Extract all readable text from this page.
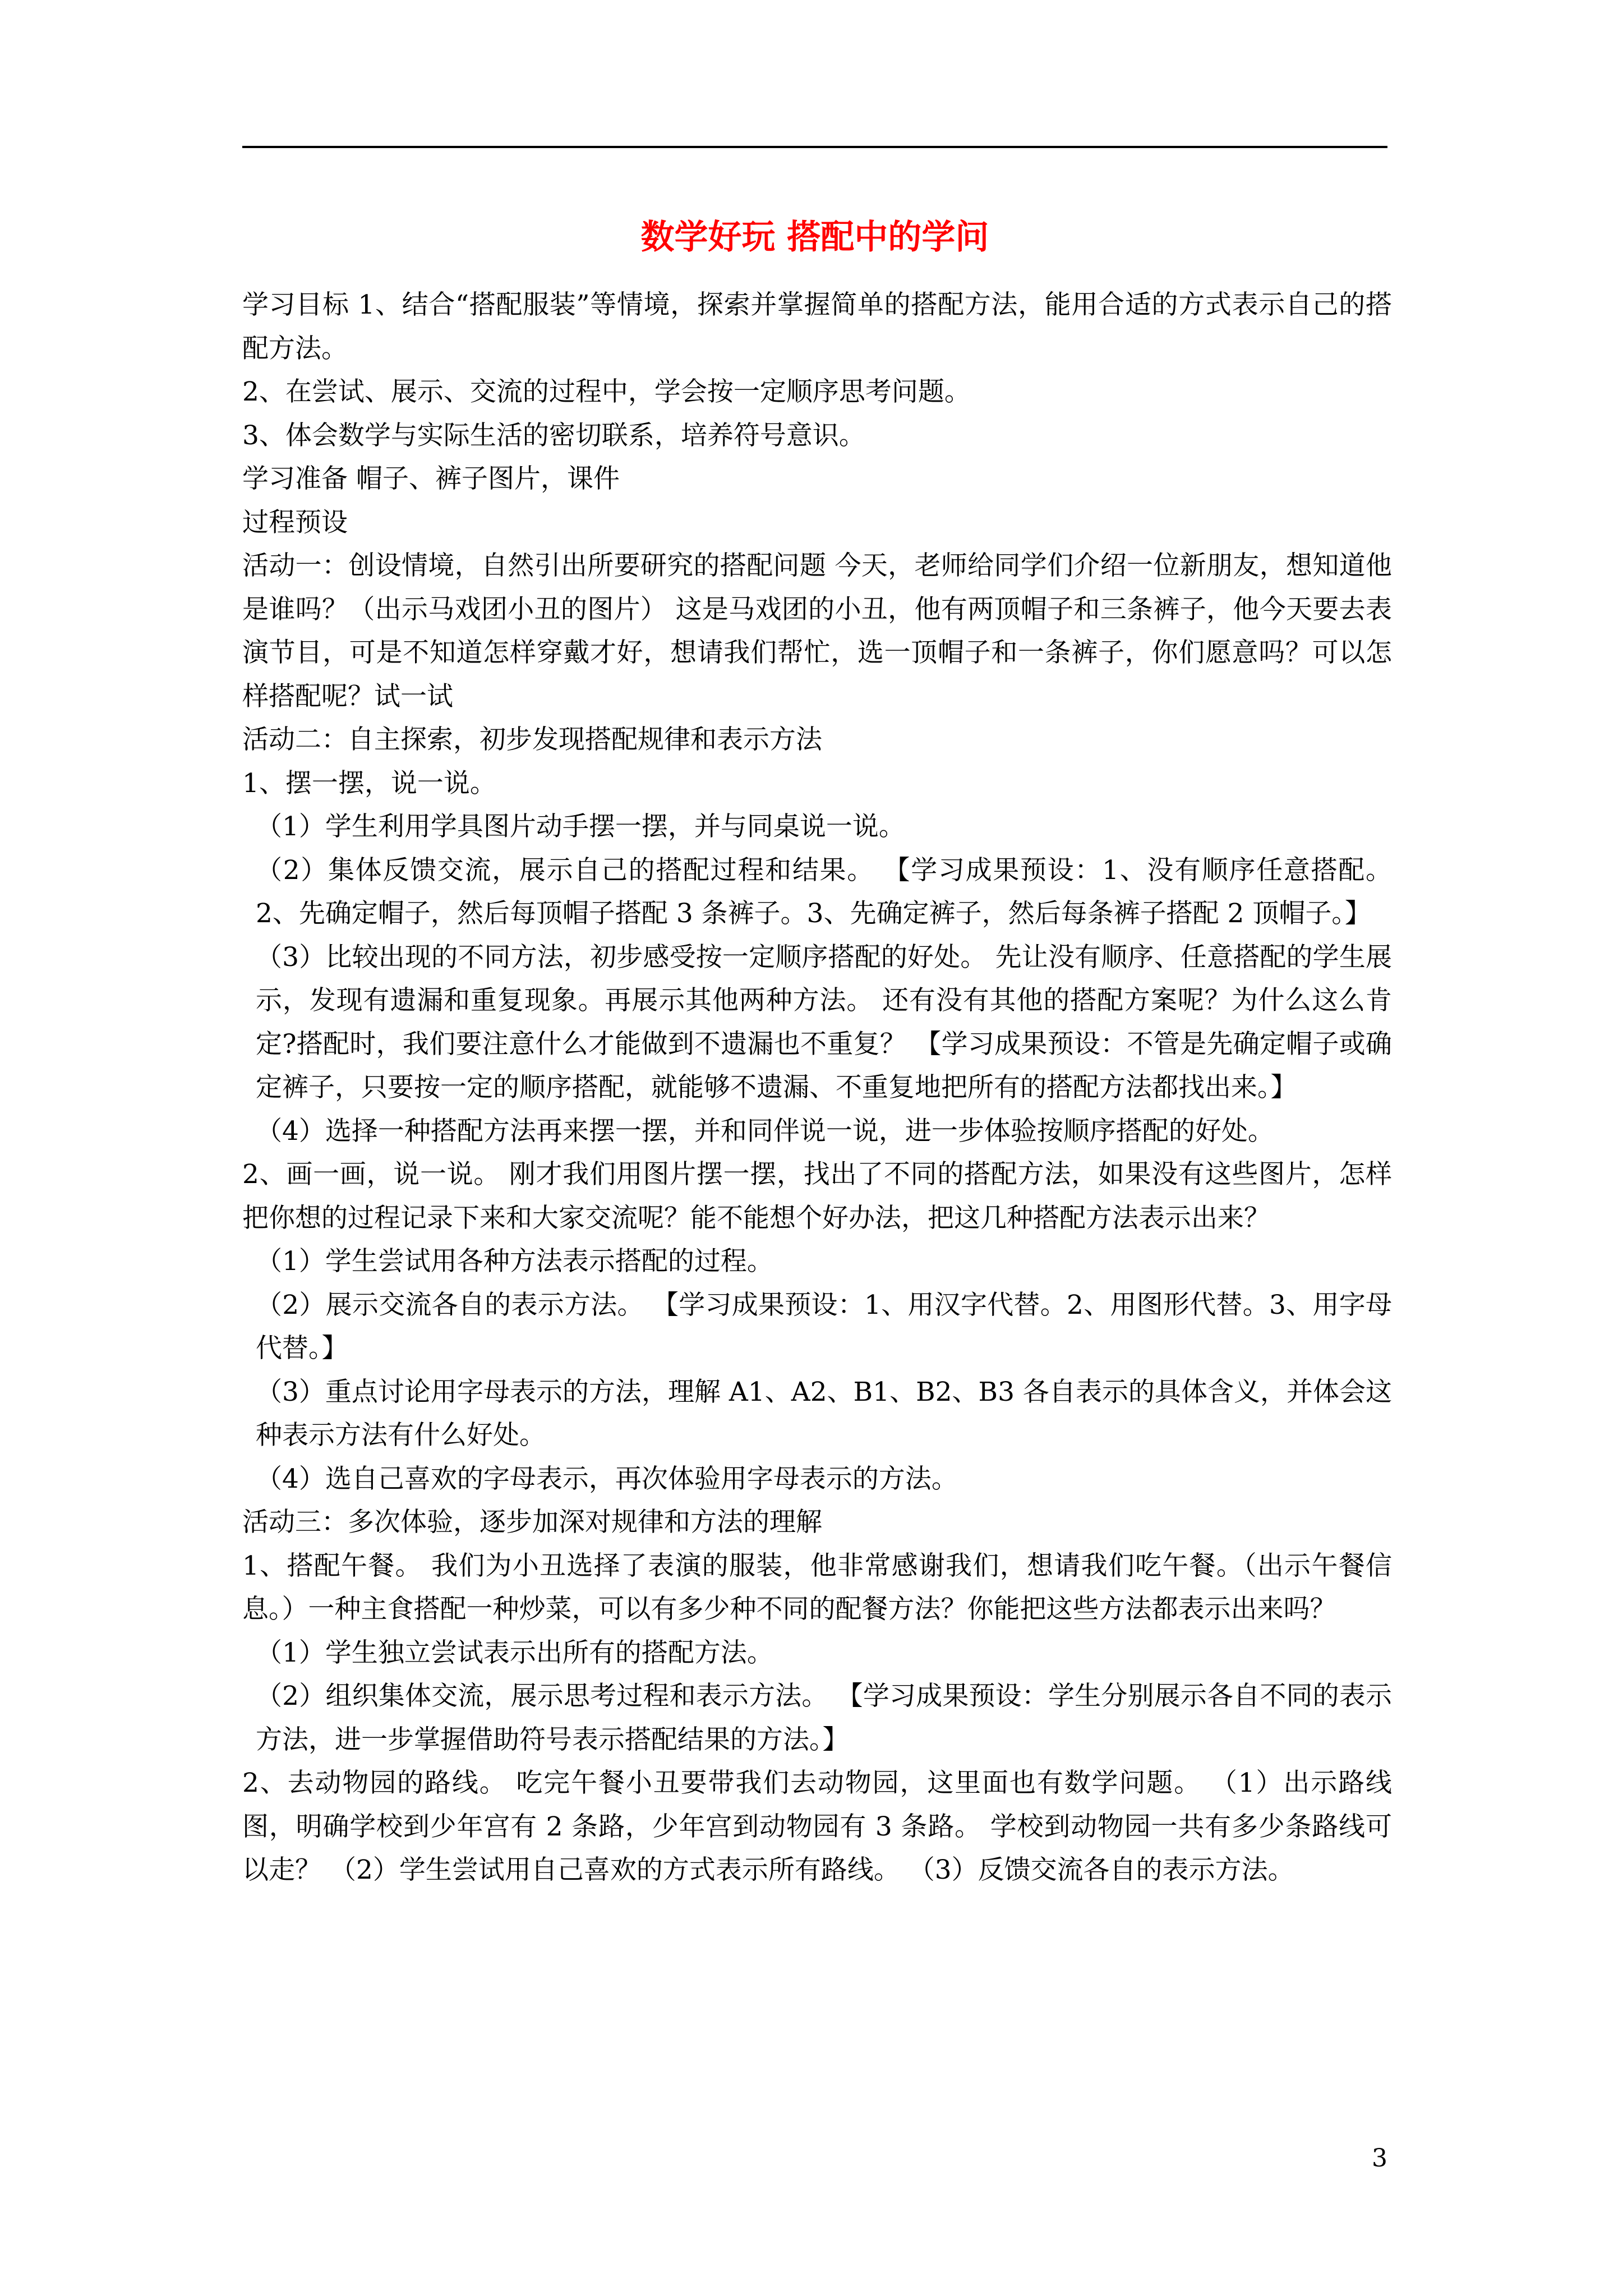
数学好玩 搭配中的学问

学习目标 1、结合“搭配服装”等情境，探索并掌握简单的搭配方法，能用合适的方式表示自己的搭配方法。

2、在尝试、展示、交流的过程中，学会按一定顺序思考问题。

3、体会数学与实际生活的密切联系，培养符号意识。

学习准备 帽子、裤子图片，课件

过程预设

活动一：创设情境，自然引出所要研究的搭配问题 今天，老师给同学们介绍一位新朋友，想知道他是谁吗？（出示马戏团小丑的图片） 这是马戏团的小丑，他有两顶帽子和三条裤子，他今天要去表演节目，可是不知道怎样穿戴才好，想请我们帮忙，选一顶帽子和一条裤子，你们愿意吗？可以怎样搭配呢？试一试

活动二：自主探索，初步发现搭配规律和表示方法

1、摆一摆，说一说。

（1）学生利用学具图片动手摆一摆，并与同桌说一说。

（2）集体反馈交流，展示自己的搭配过程和结果。 【学习成果预设：1、没有顺序任意搭配。2、先确定帽子，然后每顶帽子搭配 3 条裤子。3、先确定裤子，然后每条裤子搭配 2 顶帽子。】

（3）比较出现的不同方法，初步感受按一定顺序搭配的好处。 先让没有顺序、任意搭配的学生展示，发现有遗漏和重复现象。再展示其他两种方法。 还有没有其他的搭配方案呢？为什么这么肯定?搭配时，我们要注意什么才能做到不遗漏也不重复？ 【学习成果预设：不管是先确定帽子或确定裤子，只要按一定的顺序搭配，就能够不遗漏、不重复地把所有的搭配方法都找出来。】

（4）选择一种搭配方法再来摆一摆，并和同伴说一说，进一步体验按顺序搭配的好处。

2、画一画，说一说。 刚才我们用图片摆一摆，找出了不同的搭配方法，如果没有这些图片，怎样把你想的过程记录下来和大家交流呢？能不能想个好办法，把这几种搭配方法表示出来？

（1）学生尝试用各种方法表示搭配的过程。

（2）展示交流各自的表示方法。 【学习成果预设：1、用汉字代替。2、用图形代替。3、用字母代替。】

（3）重点讨论用字母表示的方法，理解 A1、A2、B1、B2、B3 各自表示的具体含义，并体会这种表示方法有什么好处。

（4）选自己喜欢的字母表示，再次体验用字母表示的方法。

活动三：多次体验，逐步加深对规律和方法的理解

1、搭配午餐。 我们为小丑选择了表演的服装，他非常感谢我们，想请我们吃午餐。（出示午餐信息。）一种主食搭配一种炒菜，可以有多少种不同的配餐方法？你能把这些方法都表示出来吗？

（1）学生独立尝试表示出所有的搭配方法。

（2）组织集体交流，展示思考过程和表示方法。 【学习成果预设：学生分别展示各自不同的表示方法，进一步掌握借助符号表示搭配结果的方法。】

2、去动物园的路线。 吃完午餐小丑要带我们去动物园，这里面也有数学问题。 （1）出示路线图，明确学校到少年宫有 2 条路，少年宫到动物园有 3 条路。 学校到动物园一共有多少条路线可以走？ （2）学生尝试用自己喜欢的方式表示所有路线。 （3）反馈交流各自的表示方法。

3
